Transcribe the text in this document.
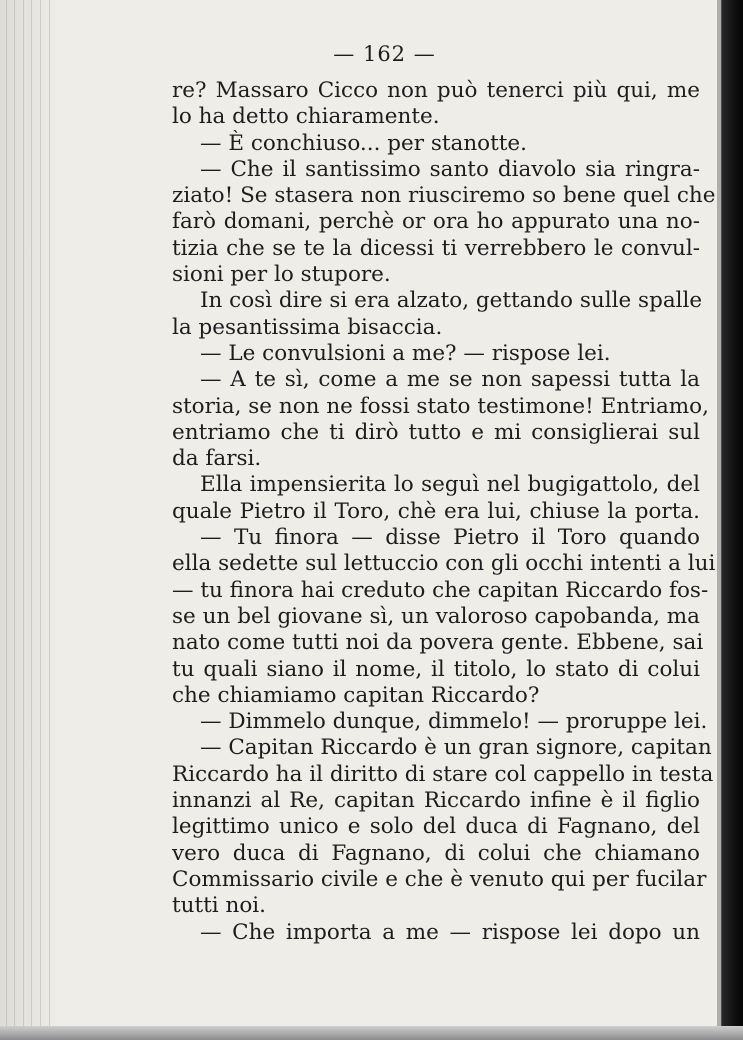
— 162 —
re? Massaro Cicco non può tenerci più qui, me
lo ha detto chiaramente.
— È conchiuso... per stanotte.
— Che il santissimo santo diavolo sia ringra-
ziato! Se stasera non riusciremo so bene quel che
farò domani, perchè or ora ho appurato una no-
tizia che se te la dicessi ti verrebbero le convul-
sioni per lo stupore.
In così dire si era alzato, gettando sulle spalle
la pesantissima bisaccia.
— Le convulsioni a me? — rispose lei.
— A te sì, come a me se non sapessi tutta la
storia, se non ne fossi stato testimone! Entriamo,
entriamo che ti dirò tutto e mi consiglierai sul
da farsi.
Ella impensierita lo seguì nel bugigattolo, del
quale Pietro il Toro, chè era lui, chiuse la porta.
— Tu finora — disse Pietro il Toro quando
ella sedette sul lettuccio con gli occhi intenti a lui
— tu finora hai creduto che capitan Riccardo fos-
se un bel giovane sì, un valoroso capobanda, ma
nato come tutti noi da povera gente. Ebbene, sai
tu quali siano il nome, il titolo, lo stato di colui
che chiamiamo capitan Riccardo?
— Dimmelo dunque, dimmelo! — proruppe lei.
— Capitan Riccardo è un gran signore, capitan
Riccardo ha il diritto di stare col cappello in testa
innanzi al Re, capitan Riccardo infine è il figlio
legittimo unico e solo del duca di Fagnano, del
vero duca di Fagnano, di colui che chiamano
Commissario civile e che è venuto qui per fucilar
tutti noi.
— Che importa a me — rispose lei dopo un
